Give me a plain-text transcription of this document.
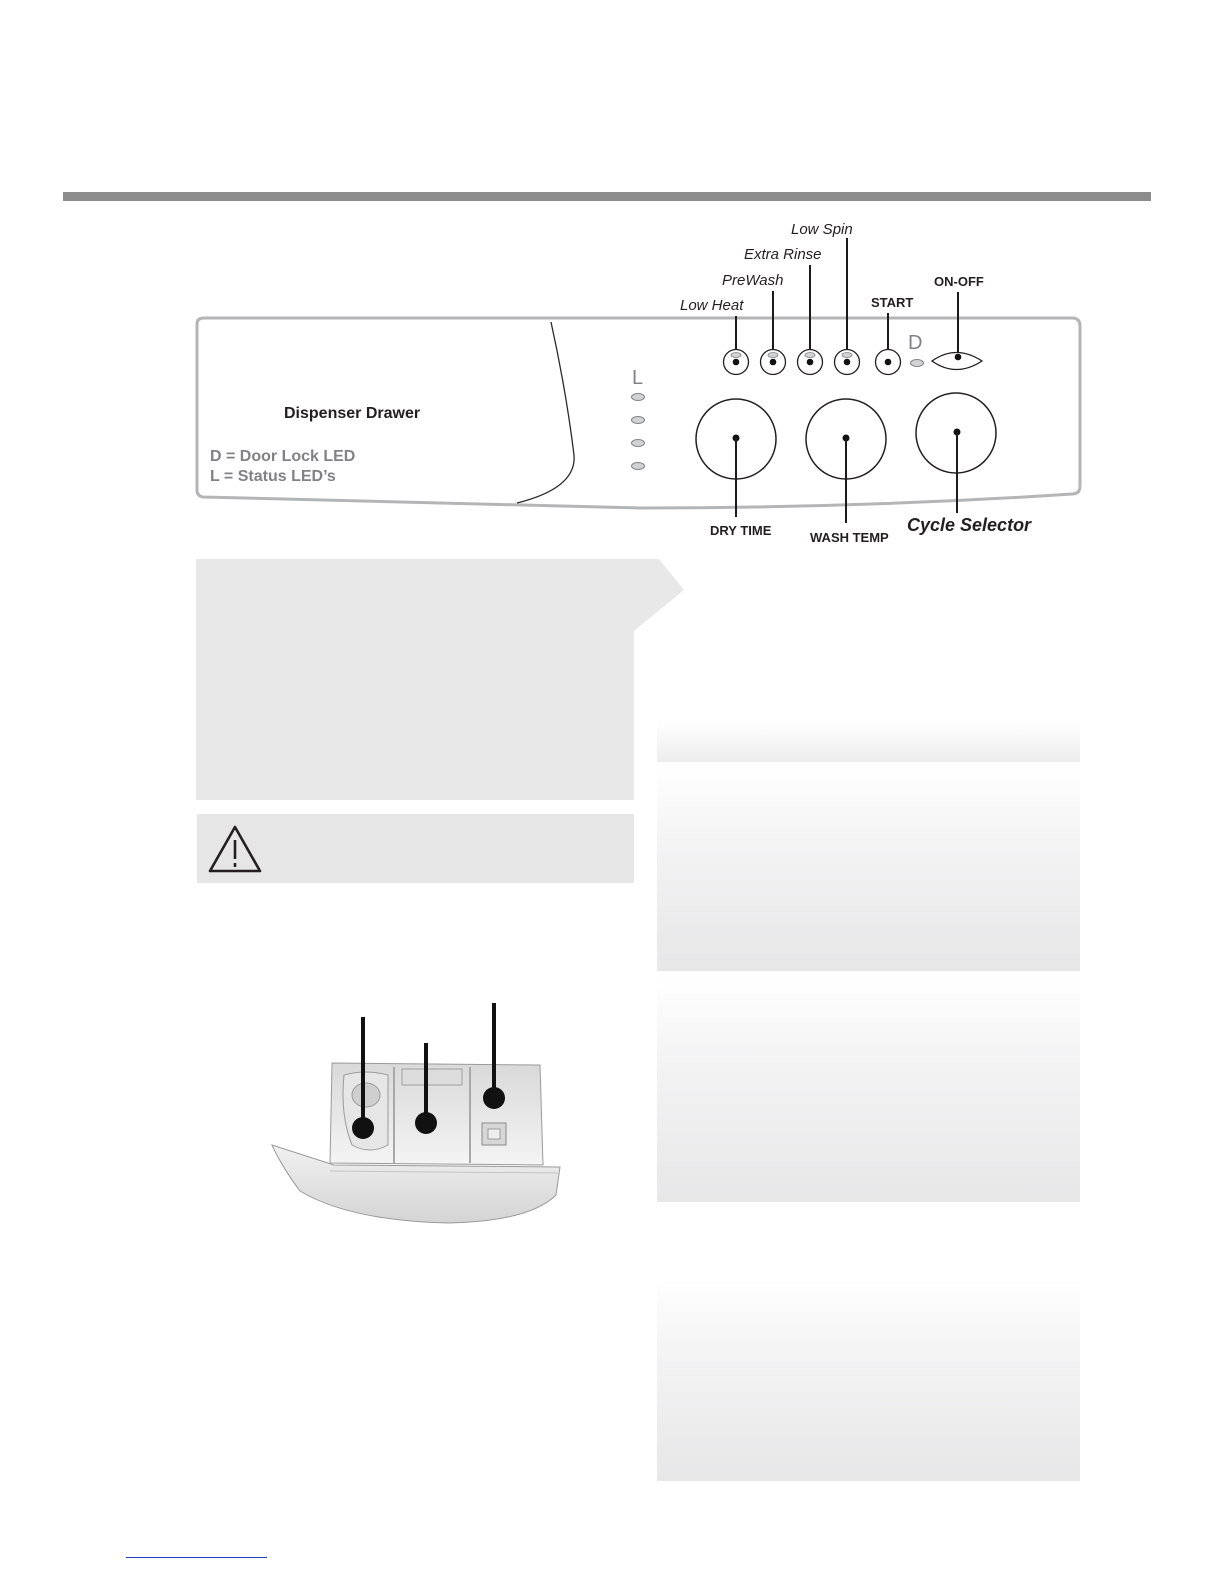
Dispenser Drawer
D = Door Lock LED
L = Status LED’s
L
Low Heat
PreWash
Extra Rinse
Low Spin
START
D
ON-OFF
DRY TIME	WASH TEMP
Cycle Selector
